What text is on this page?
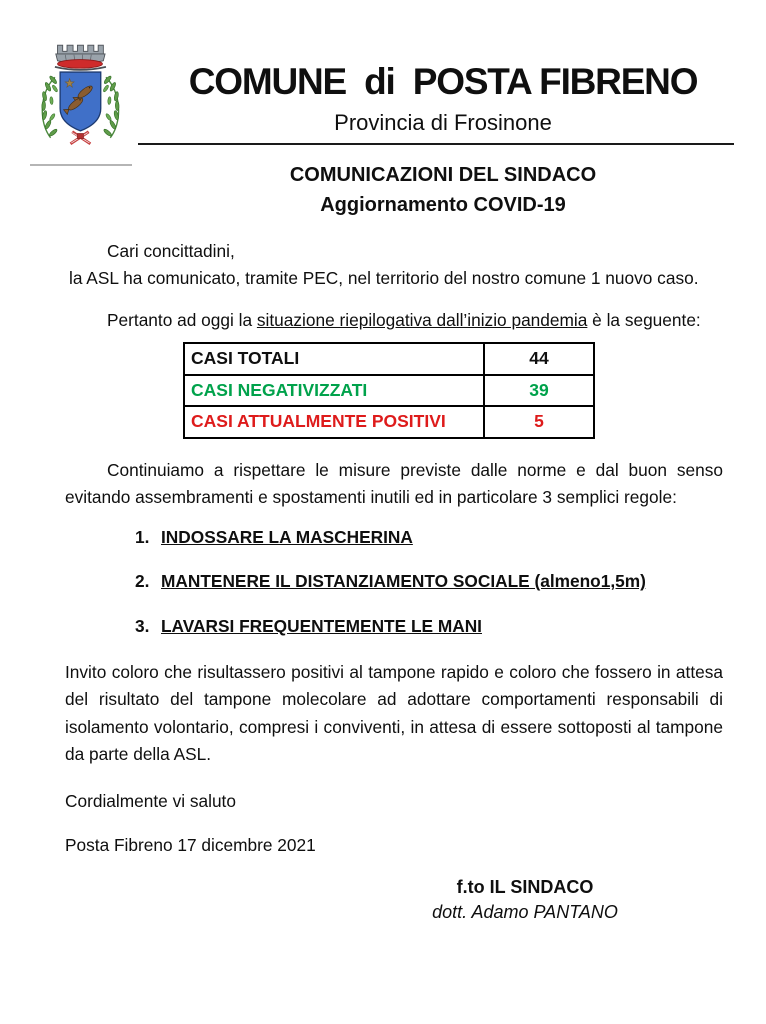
COMUNE  di  POSTA FIBRENO
Provincia di Frosinone
COMUNICAZIONI DEL SINDACO
Aggiornamento COVID-19
Cari concittadini,

la ASL ha comunicato, tramite PEC, nel territorio del nostro comune 1 nuovo caso.

Pertanto ad oggi la situazione riepilogativa dall’inizio pandemia è la seguente:

CASI TOTALI	44
CASI NEGATIVIZZATI	39
CASI ATTUALMENTE POSITIVI	5

Continuiamo a rispettare le misure previste dalle norme e dal buon senso evitando assembramenti e spostamenti inutili ed in particolare 3 semplici regole:

1. INDOSSARE LA MASCHERINA
2. MANTENERE IL DISTANZIAMENTO SOCIALE (almeno1,5m)
3. LAVARSI FREQUENTEMENTE LE MANI

Invito coloro che risultassero positivi al tampone rapido e coloro che fossero in attesa del risultato del tampone molecolare ad adottare comportamenti responsabili di isolamento volontario, compresi i conviventi, in attesa di essere sottoposti al tampone da parte della ASL.

Cordialmente vi saluto
Posta Fibreno 17 dicembre 2021
f.to IL SINDACO
dott. Adamo PANTANO
